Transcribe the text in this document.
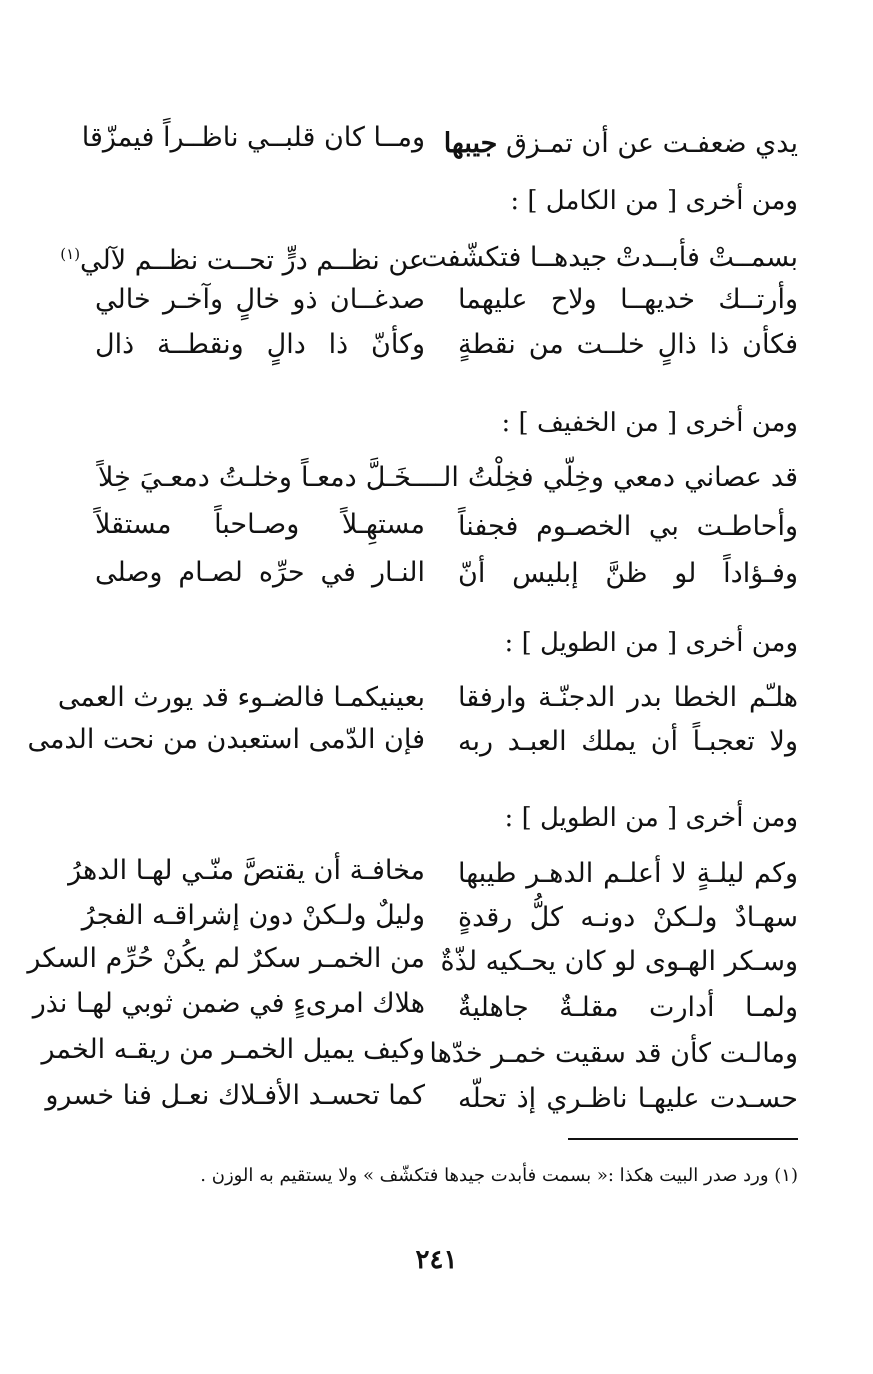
يدي ضعفـت عن أن تمـزق جيبها
ومــا كان قلبــي ناظــراً فيمزّقا
ومن أخرى [ من الكامل ] :
بسمــتْ فأبــدتْ جيدهــا فتكشّفت
عن نظــم درٍّ تحــت نظــم لآلي$^{(١)}$
وأرتــك خديهــا ولاح عليهما
صدغــان ذو خالٍ وآخـر خالي
فكأن ذا ذالٍ خلــت من نقطةٍ
وكأنّ ذا دالٍ ونقطــة ذال
ومن أخرى [ من الخفيف ] :
قد عصاني دمعي وخِلّي فخِلْتُ الــــخَـلَّ دمعـاً وخلـتُ دمعـيَ خِلاً
وأحاطـت بي الخصـوم فجفناً
مستهِـلاً وصـاحباً مستقلاً
وفـؤاداً لو ظنَّ إبليس أنّ
النـار في حرِّه لصـام وصلى
ومن أخرى [ من الطويل ] :
هلـّم الخطا بدر الدجنّـة وارفقا
بعينيكمـا فالضـوء قد يورث العمى
ولا تعجبـاً أن يملك العبـد ربه
فإن الدّمى استعبدن من نحت الدمى
ومن أخرى [ من الطويل ] :
وكم ليلـةٍ لا أعلـم الدهـر طيبها
مخافـة أن يقتصَّ منّـي لهـا الدهرُ
سهـادٌ ولـكنْ دونـه كلُّ رقدةٍ
وليلٌ ولـكنْ دون إشراقـه الفجرُ
وسـكر الهـوى لو كان يحـكيه لذّةٌ
من الخمـر سكرٌ لم يكُنْ حُرِّم السكر
ولمـا أدارت مقلـةٌ جاهليةٌ
هلاك امرىءٍ في ضمن ثوبي لهـا نذر
ومالـت كأن قد سقيت خمـر خدّها
وكيف يميل الخمـر من ريقـه الخمر
حسـدت عليهـا ناظـري إذ تحلّه
كما تحسـد الأفـلاك نعـل فنا خسرو
(١) ورد صدر البيت هكذا :« بسمت فأبدت جيدها فتكشّف » ولا يستقيم به الوزن .
٢٤١
